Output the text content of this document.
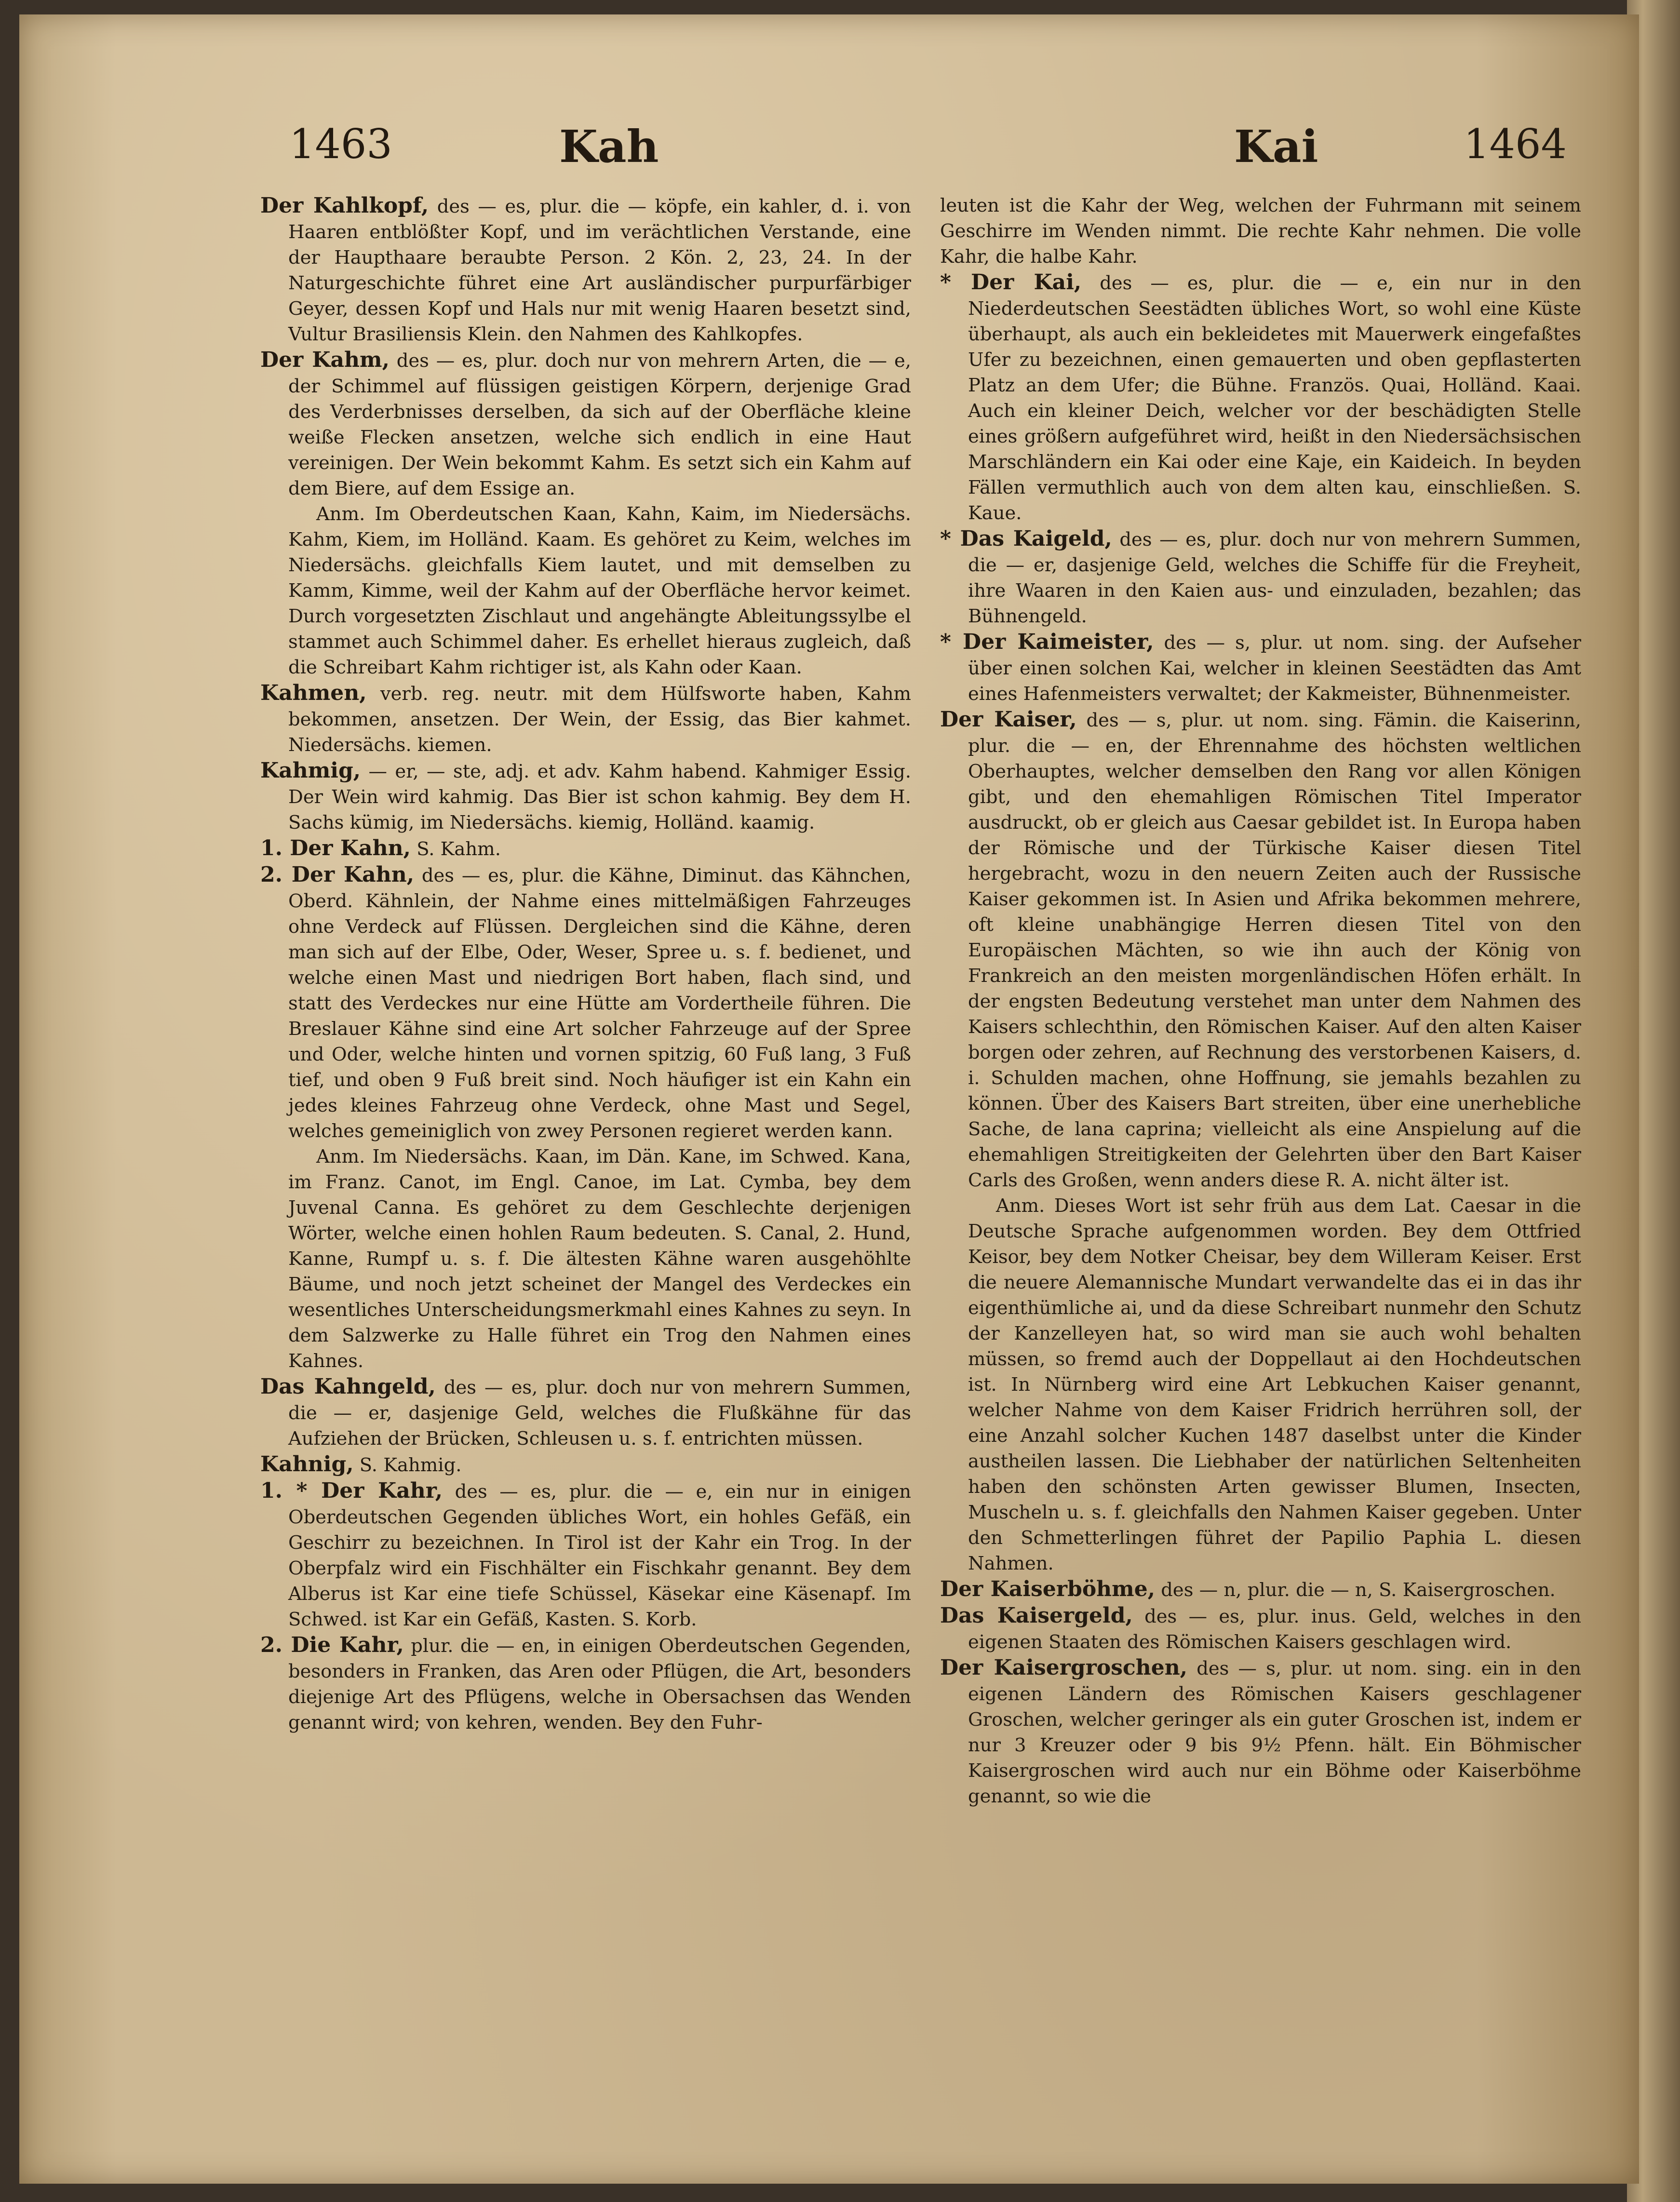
1463	Kah	Kai	1464

Der Kahlkopf, des — es, plur. die — köpfe, ein kahler, d. i. von Haaren entblößter Kopf, und im verächtlichen Verstande, eine der Haupthaare beraubte Person. 2 Kön. 2, 23, 24. In der Naturgeschichte führet eine Art ausländischer purpurfärbiger Geyer, dessen Kopf und Hals nur mit wenig Haaren besetzt sind, Vultur Brasiliensis Klein. den Nahmen des Kahlkopfes.

Der Kahm, des — es, plur. doch nur von mehrern Arten, die — e, der Schimmel auf flüssigen geistigen Körpern, derjenige Grad des Verderbnisses derselben, da sich auf der Oberfläche kleine weiße Flecken ansetzen, welche sich endlich in eine Haut vereinigen. Der Wein bekommt Kahm. Es setzt sich ein Kahm auf dem Biere, auf dem Essige an.

Anm. Im Oberdeutschen Kaan, Kahn, Kaim, im Niedersächs. Kahm, Kiem, im Holländ. Kaam. Es gehöret zu Keim, welches im Niedersächs. gleichfalls Kiem lautet, und mit demselben zu Kamm, Kimme, weil der Kahm auf der Oberfläche hervor keimet. Durch vorgesetzten Zischlaut und angehängte Ableitungssylbe el stammet auch Schimmel daher. Es erhellet hieraus zugleich, daß die Schreibart Kahm richtiger ist, als Kahn oder Kaan.

Kahmen, verb. reg. neutr. mit dem Hülfsworte haben, Kahm bekommen, ansetzen. Der Wein, der Essig, das Bier kahmet. Niedersächs. kiemen.

Kahmig, — er, — ste, adj. et adv. Kahm habend. Kahmiger Essig. Der Wein wird kahmig. Das Bier ist schon kahmig. Bey dem H. Sachs kümig, im Niedersächs. kiemig, Holländ. kaamig.

1. Der Kahn, S. Kahm.

2. Der Kahn, des — es, plur. die Kähne, Diminut. das Kähnchen, Oberd. Kähnlein, der Nahme eines mittelmäßigen Fahrzeuges ohne Verdeck auf Flüssen. Dergleichen sind die Kähne, deren man sich auf der Elbe, Oder, Weser, Spree u. s. f. bedienet, und welche einen Mast und niedrigen Bort haben, flach sind, und statt des Verdeckes nur eine Hütte am Vordertheile führen. Die Breslauer Kähne sind eine Art solcher Fahrzeuge auf der Spree und Oder, welche hinten und vornen spitzig, 60 Fuß lang, 3 Fuß tief, und oben 9 Fuß breit sind. Noch häufiger ist ein Kahn ein jedes kleines Fahrzeug ohne Verdeck, ohne Mast und Segel, welches gemeiniglich von zwey Personen regieret werden kann.

Anm. Im Niedersächs. Kaan, im Dän. Kane, im Schwed. Kana, im Franz. Canot, im Engl. Canoe, im Lat. Cymba, bey dem Juvenal Canna. Es gehöret zu dem Geschlechte derjenigen Wörter, welche einen hohlen Raum bedeuten. S. Canal, 2. Hund, Kanne, Rumpf u. s. f. Die ältesten Kähne waren ausgehöhlte Bäume, und noch jetzt scheinet der Mangel des Verdeckes ein wesentliches Unterscheidungsmerkmahl eines Kahnes zu seyn. In dem Salzwerke zu Halle führet ein Trog den Nahmen eines Kahnes.

Das Kahngeld, des — es, plur. doch nur von mehrern Summen, die — er, dasjenige Geld, welches die Flußkähne für das Aufziehen der Brücken, Schleusen u. s. f. entrichten müssen.

Kahnig, S. Kahmig.

1. * Der Kahr, des — es, plur. die — e, ein nur in einigen Oberdeutschen Gegenden übliches Wort, ein hohles Gefäß, ein Geschirr zu bezeichnen. In Tirol ist der Kahr ein Trog. In der Oberpfalz wird ein Fischhälter ein Fischkahr genannt. Bey dem Alberus ist Kar eine tiefe Schüssel, Käsekar eine Käsenapf. Im Schwed. ist Kar ein Gefäß, Kasten. S. Korb.

2. Die Kahr, plur. die — en, in einigen Oberdeutschen Gegenden, besonders in Franken, das Aren oder Pflügen, die Art, besonders diejenige Art des Pflügens, welche in Obersachsen das Wenden genannt wird; von kehren, wenden. Bey den Fuhr-

leuten ist die Kahr der Weg, welchen der Fuhrmann mit seinem Geschirre im Wenden nimmt. Die rechte Kahr nehmen. Die volle Kahr, die halbe Kahr.

* Der Kai, des — es, plur. die — e, ein nur in den Niederdeutschen Seestädten übliches Wort, so wohl eine Küste überhaupt, als auch ein bekleidetes mit Mauerwerk eingefaßtes Ufer zu bezeichnen, einen gemauerten und oben gepflasterten Platz an dem Ufer; die Bühne. Französ. Quai, Holländ. Kaai. Auch ein kleiner Deich, welcher vor der beschädigten Stelle eines größern aufgeführet wird, heißt in den Niedersächsischen Marschländern ein Kai oder eine Kaje, ein Kaideich. In beyden Fällen vermuthlich auch von dem alten kau, einschließen. S. Kaue.

* Das Kaigeld, des — es, plur. doch nur von mehrern Summen, die — er, dasjenige Geld, welches die Schiffe für die Freyheit, ihre Waaren in den Kaien aus- und einzuladen, bezahlen; das Bühnengeld.

* Der Kaimeister, des — s, plur. ut nom. sing. der Aufseher über einen solchen Kai, welcher in kleinen Seestädten das Amt eines Hafenmeisters verwaltet; der Kakmeister, Bühnenmeister.

Der Kaiser, des — s, plur. ut nom. sing. Fämin. die Kaiserinn, plur. die — en, der Ehrennahme des höchsten weltlichen Oberhauptes, welcher demselben den Rang vor allen Königen gibt, und den ehemahligen Römischen Titel Imperator ausdruckt, ob er gleich aus Caesar gebildet ist. In Europa haben der Römische und der Türkische Kaiser diesen Titel hergebracht, wozu in den neuern Zeiten auch der Russische Kaiser gekommen ist. In Asien und Afrika bekommen mehrere, oft kleine unabhängige Herren diesen Titel von den Europäischen Mächten, so wie ihn auch der König von Frankreich an den meisten morgenländischen Höfen erhält. In der engsten Bedeutung verstehet man unter dem Nahmen des Kaisers schlechthin, den Römischen Kaiser. Auf den alten Kaiser borgen oder zehren, auf Rechnung des verstorbenen Kaisers, d. i. Schulden machen, ohne Hoffnung, sie jemahls bezahlen zu können. Über des Kaisers Bart streiten, über eine unerhebliche Sache, de lana caprina; vielleicht als eine Anspielung auf die ehemahligen Streitigkeiten der Gelehrten über den Bart Kaiser Carls des Großen, wenn anders diese R. A. nicht älter ist.

Anm. Dieses Wort ist sehr früh aus dem Lat. Caesar in die Deutsche Sprache aufgenommen worden. Bey dem Ottfried Keisor, bey dem Notker Cheisar, bey dem Willeram Keiser. Erst die neuere Alemannische Mundart verwandelte das ei in das ihr eigenthümliche ai, und da diese Schreibart nunmehr den Schutz der Kanzelleyen hat, so wird man sie auch wohl behalten müssen, so fremd auch der Doppellaut ai den Hochdeutschen ist. In Nürnberg wird eine Art Lebkuchen Kaiser genannt, welcher Nahme von dem Kaiser Fridrich herrühren soll, der eine Anzahl solcher Kuchen 1487 daselbst unter die Kinder austheilen lassen. Die Liebhaber der natürlichen Seltenheiten haben den schönsten Arten gewisser Blumen, Insecten, Muscheln u. s. f. gleichfalls den Nahmen Kaiser gegeben. Unter den Schmetterlingen führet der Papilio Paphia L. diesen Nahmen.

Der Kaiserböhme, des — n, plur. die — n, S. Kaisergroschen.

Das Kaisergeld, des — es, plur. inus. Geld, welches in den eigenen Staaten des Römischen Kaisers geschlagen wird.

Der Kaisergroschen, des — s, plur. ut nom. sing. ein in den eigenen Ländern des Römischen Kaisers geschlagener Groschen, welcher geringer als ein guter Groschen ist, indem er nur 3 Kreuzer oder 9 bis 9½ Pfenn. hält. Ein Böhmischer Kaisergroschen wird auch nur ein Böhme oder Kaiserböhme genannt, so wie die
